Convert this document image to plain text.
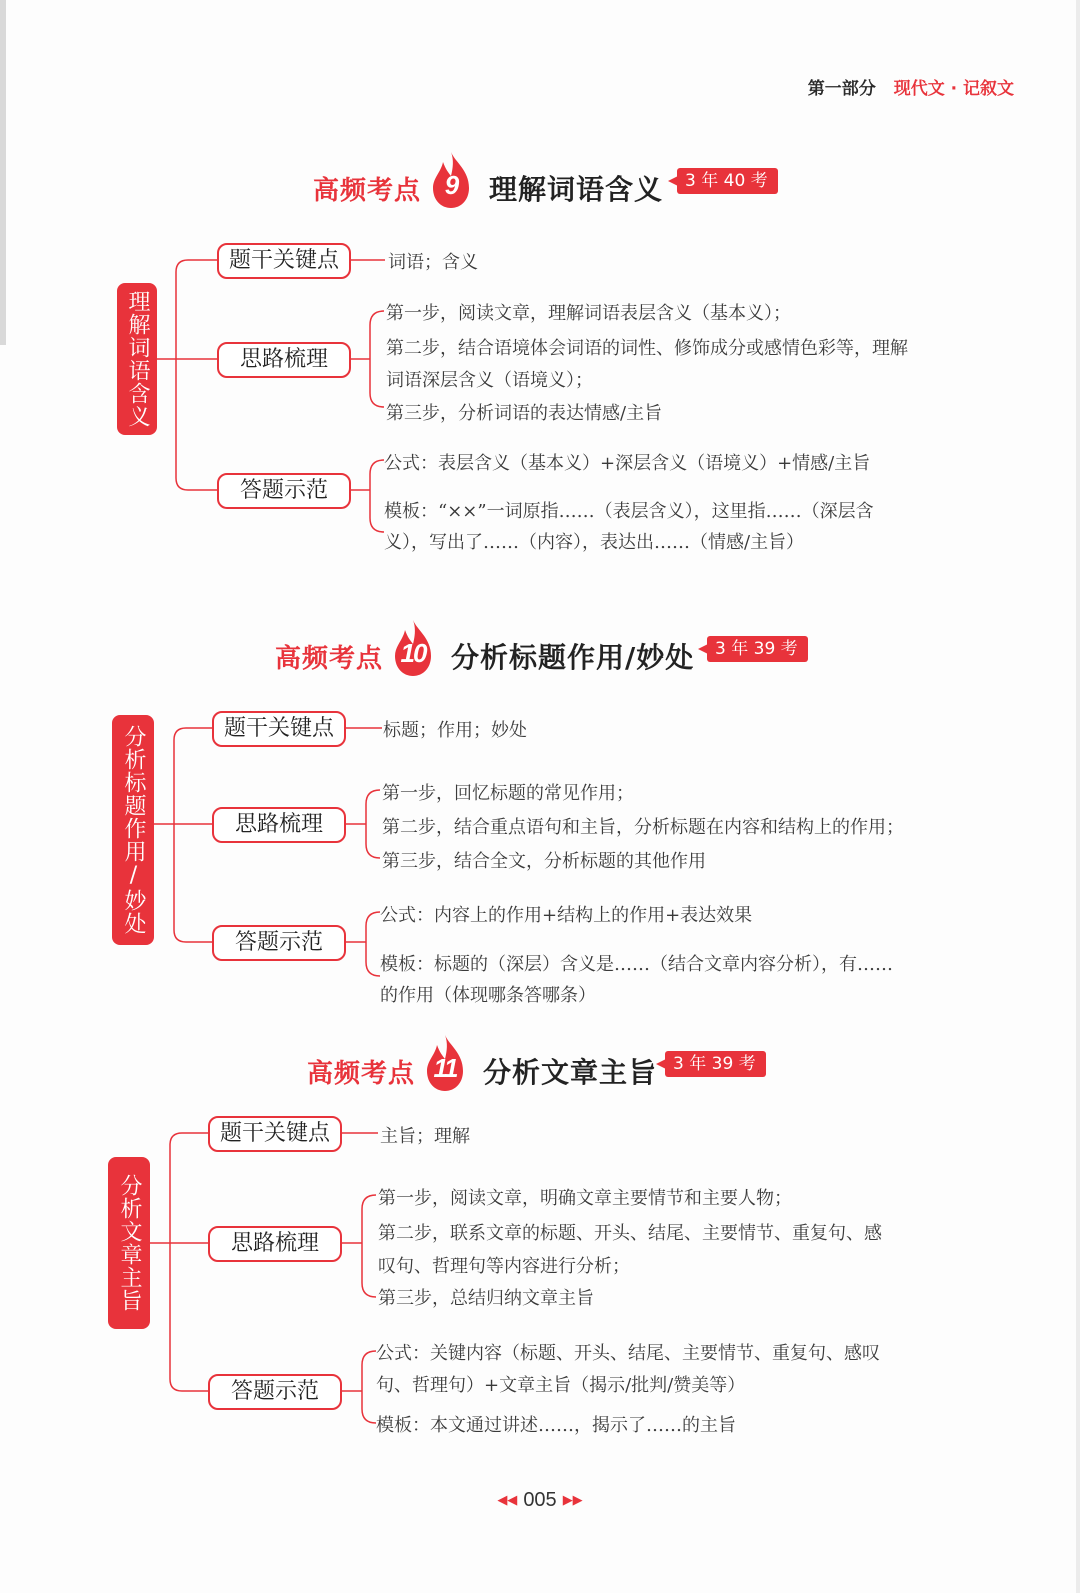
第一部分 现代文 · 记叙文
高频考点 9	理解词语含义	3 年 40 考
理解词语含义
题干关键点
思路梳理
答题示范
词语；含义
第一步，阅读文章，理解词语表层含义（基本义）；
第二步，结合语境体会词语的词性、修饰成分或感情色彩等，理解
词语深层含义（语境义）；
第三步，分析词语的表达情感/主旨
公式：表层含义（基本义）+深层含义（语境义）+情感/主旨
模板：“××”一词原指……（表层含义），这里指……（深层含
义），写出了……（内容），表达出……（情感/主旨）
高频考点 10 分析标题作用/妙处	3 年 39 考
分析标题作用/妙处	题干关键点
思路梳理
答题示范
标题；作用；妙处
第一步，回忆标题的常见作用；
第二步，结合重点语句和主旨，分析标题在内容和结构上的作用；
第三步，结合全文，分析标题的其他作用
公式：内容上的作用+结构上的作用+表达效果
模板：标题的（深层）含义是……（结合文章内容分析），有……
的作用（体现哪条答哪条）
高频考点 11 分析文章主旨 3 年 39 考
分析文章主旨
题干关键点
思路梳理
答题示范
主旨；理解
第一步，阅读文章，明确文章主要情节和主要人物；
第二步，联系文章的标题、开头、结尾、主要情节、重复句、感
叹句、哲理句等内容进行分析；
第三步，总结归纳文章主旨
公式：关键内容（标题、开头、结尾、主要情节、重复句、感叹
句、哲理句）+文章主旨（揭示/批判/赞美等）
模板：本文通过讲述……，揭示了……的主旨
◀◀ 005 ▶▶
